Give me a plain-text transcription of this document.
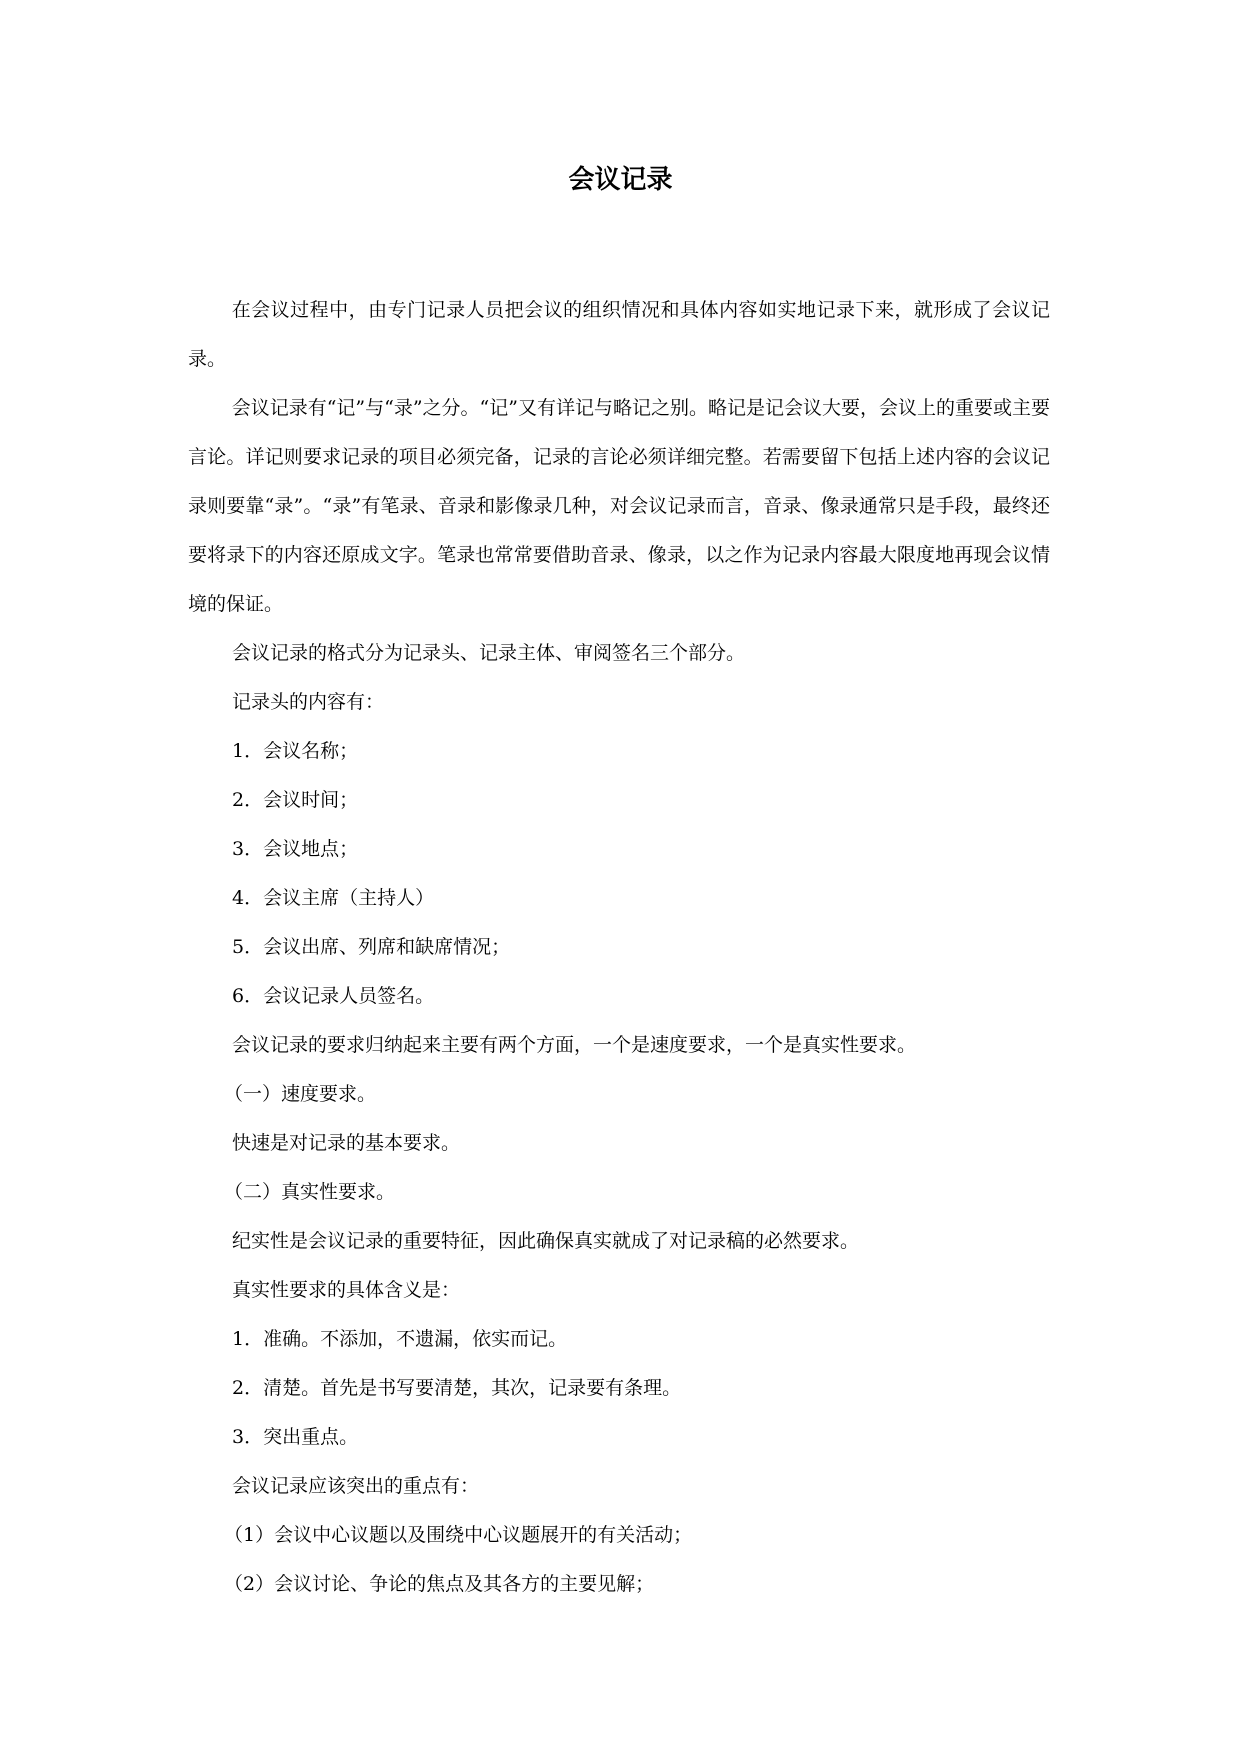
会议记录

在会议过程中，由专门记录人员把会议的组织情况和具体内容如实地记录下来，就形成了会议记录。

会议记录有“记”与“录”之分。“记”又有详记与略记之别。略记是记会议大要，会议上的重要或主要言论。详记则要求记录的项目必须完备，记录的言论必须详细完整。若需要留下包括上述内容的会议记录则要靠“录”。“录”有笔录、音录和影像录几种，对会议记录而言，音录、像录通常只是手段，最终还要将录下的内容还原成文字。笔录也常常要借助音录、像录，以之作为记录内容最大限度地再现会议情境的保证。

会议记录的格式分为记录头、记录主体、审阅签名三个部分。

记录头的内容有：

1．会议名称；

2．会议时间；

3．会议地点；

4．会议主席（主持人）

5．会议出席、列席和缺席情况；

6．会议记录人员签名。

会议记录的要求归纳起来主要有两个方面，一个是速度要求，一个是真实性要求。

（一）速度要求。

快速是对记录的基本要求。

（二）真实性要求。

纪实性是会议记录的重要特征，因此确保真实就成了对记录稿的必然要求。

真实性要求的具体含义是：

1．准确。不添加，不遗漏，依实而记。

2．清楚。首先是书写要清楚，其次，记录要有条理。

3．突出重点。

会议记录应该突出的重点有：

（1）会议中心议题以及围绕中心议题展开的有关活动；

（2）会议讨论、争论的焦点及其各方的主要见解；
